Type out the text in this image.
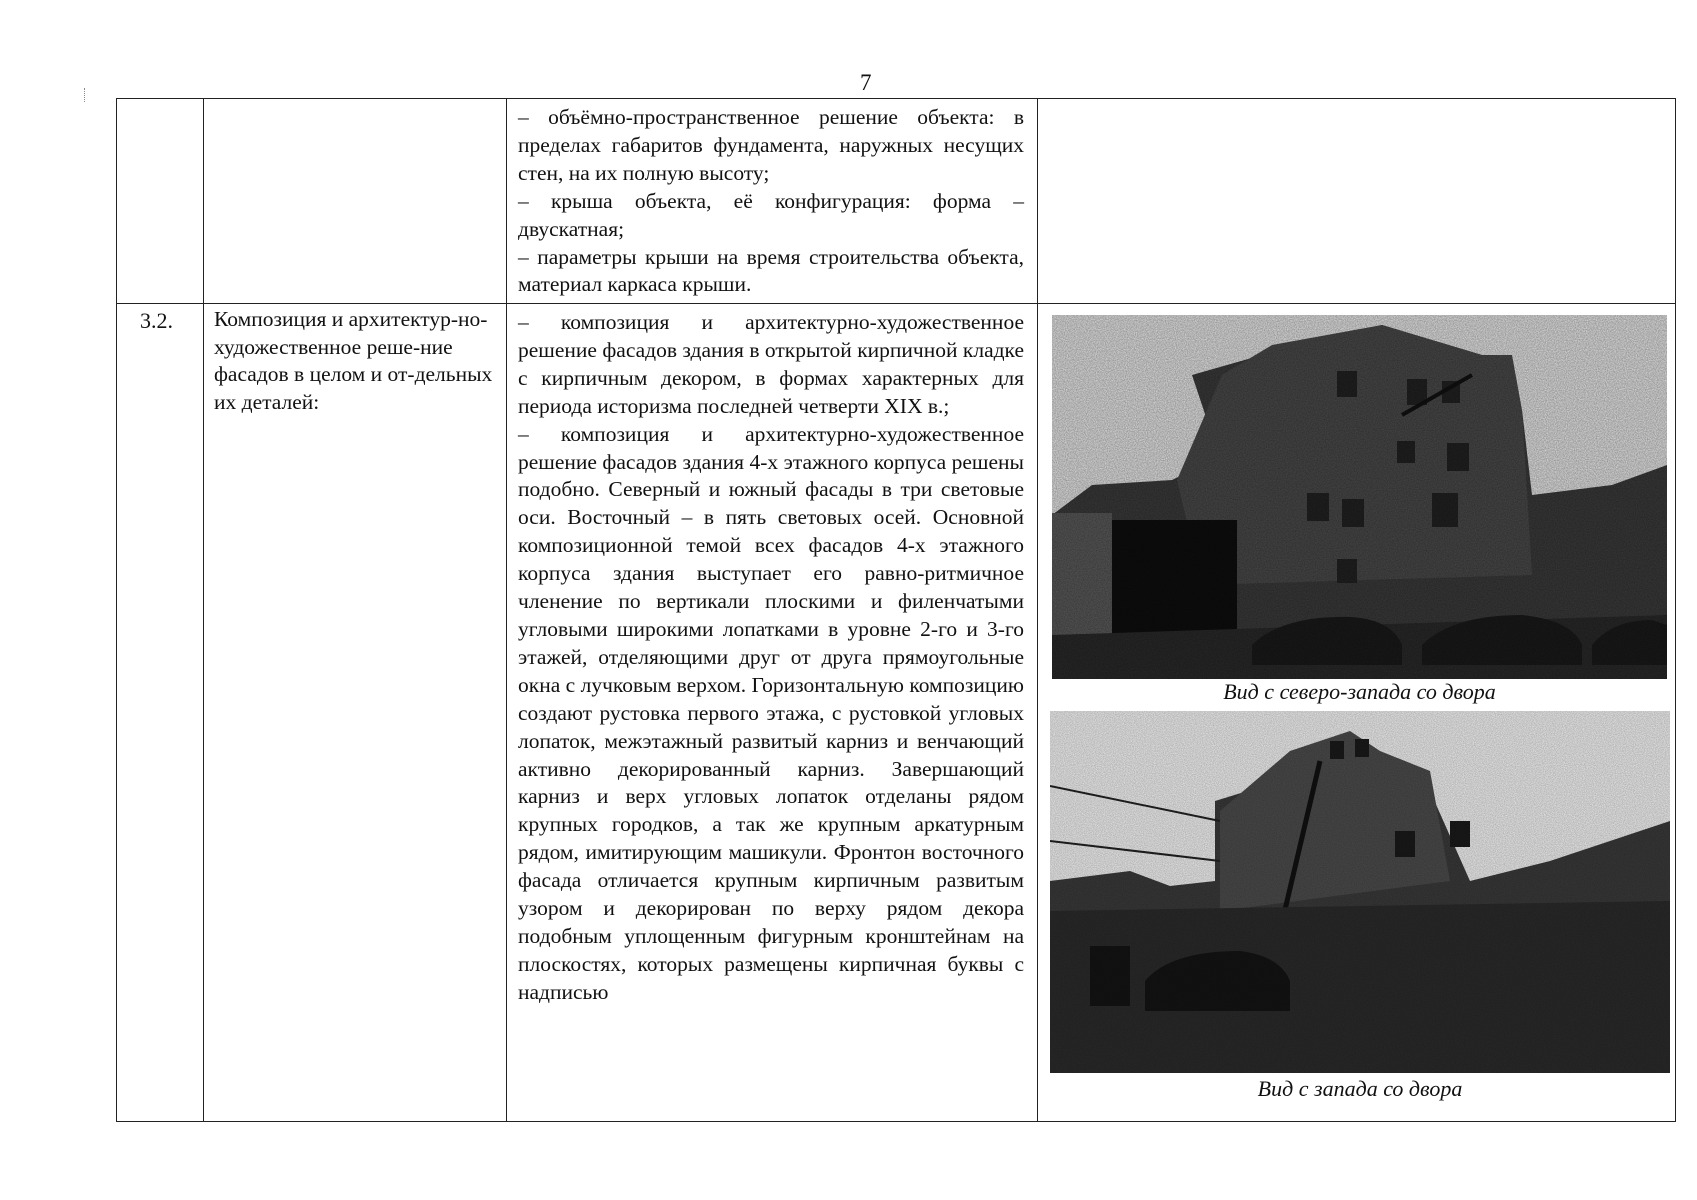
7

– объёмно-пространственное решение объекта: в пределах габаритов фундамента, наружных несущих стен, на их полную высоту;

– крыша объекта, её конфигурация: форма – двускатная;

– параметры крыши на время строительства объекта, материал каркаса крыши.

3.2. Композиция и архитектур-но-художественное реше-ние фасадов в целом и от-дельных их деталей:

– композиция и архитектурно-художественное решение фасадов здания в открытой кирпичной кладке с кирпичным декором, в формах характерных для периода историзма последней четверти XIX в.;

– композиция и архитектурно-художественное решение фасадов здания 4-х этажного корпуса решены подобно. Северный и южный фасады в три световые оси. Восточный – в пять световых осей. Основной композиционной темой всех фасадов 4-х этажного корпуса здания выступает его равно-ритмичное членение по вертикали плоскими и филенчатыми угловыми широкими лопатками в уровне 2-го и 3-го этажей, отделяющими друг от друга прямоугольные окна с лучковым верхом. Горизонтальную композицию создают рустовка первого этажа, с рустовкой угловых лопаток, межэтажный развитый карниз и венчающий активно декорированный карниз. Завершающий карниз и верх угловых лопаток отделаны рядом крупных городков, а так же крупным аркатурным рядом, имитирующим машикули. Фронтон восточного фасада отличается крупным кирпичным развитым узором и декорирован по верху рядом декора подобным уплощенным фигурным кронштейнам на плоскостях, которых размещены кирпичная буквы с надписью

Вид с северо-запада со двора
Вид с запада со двора
